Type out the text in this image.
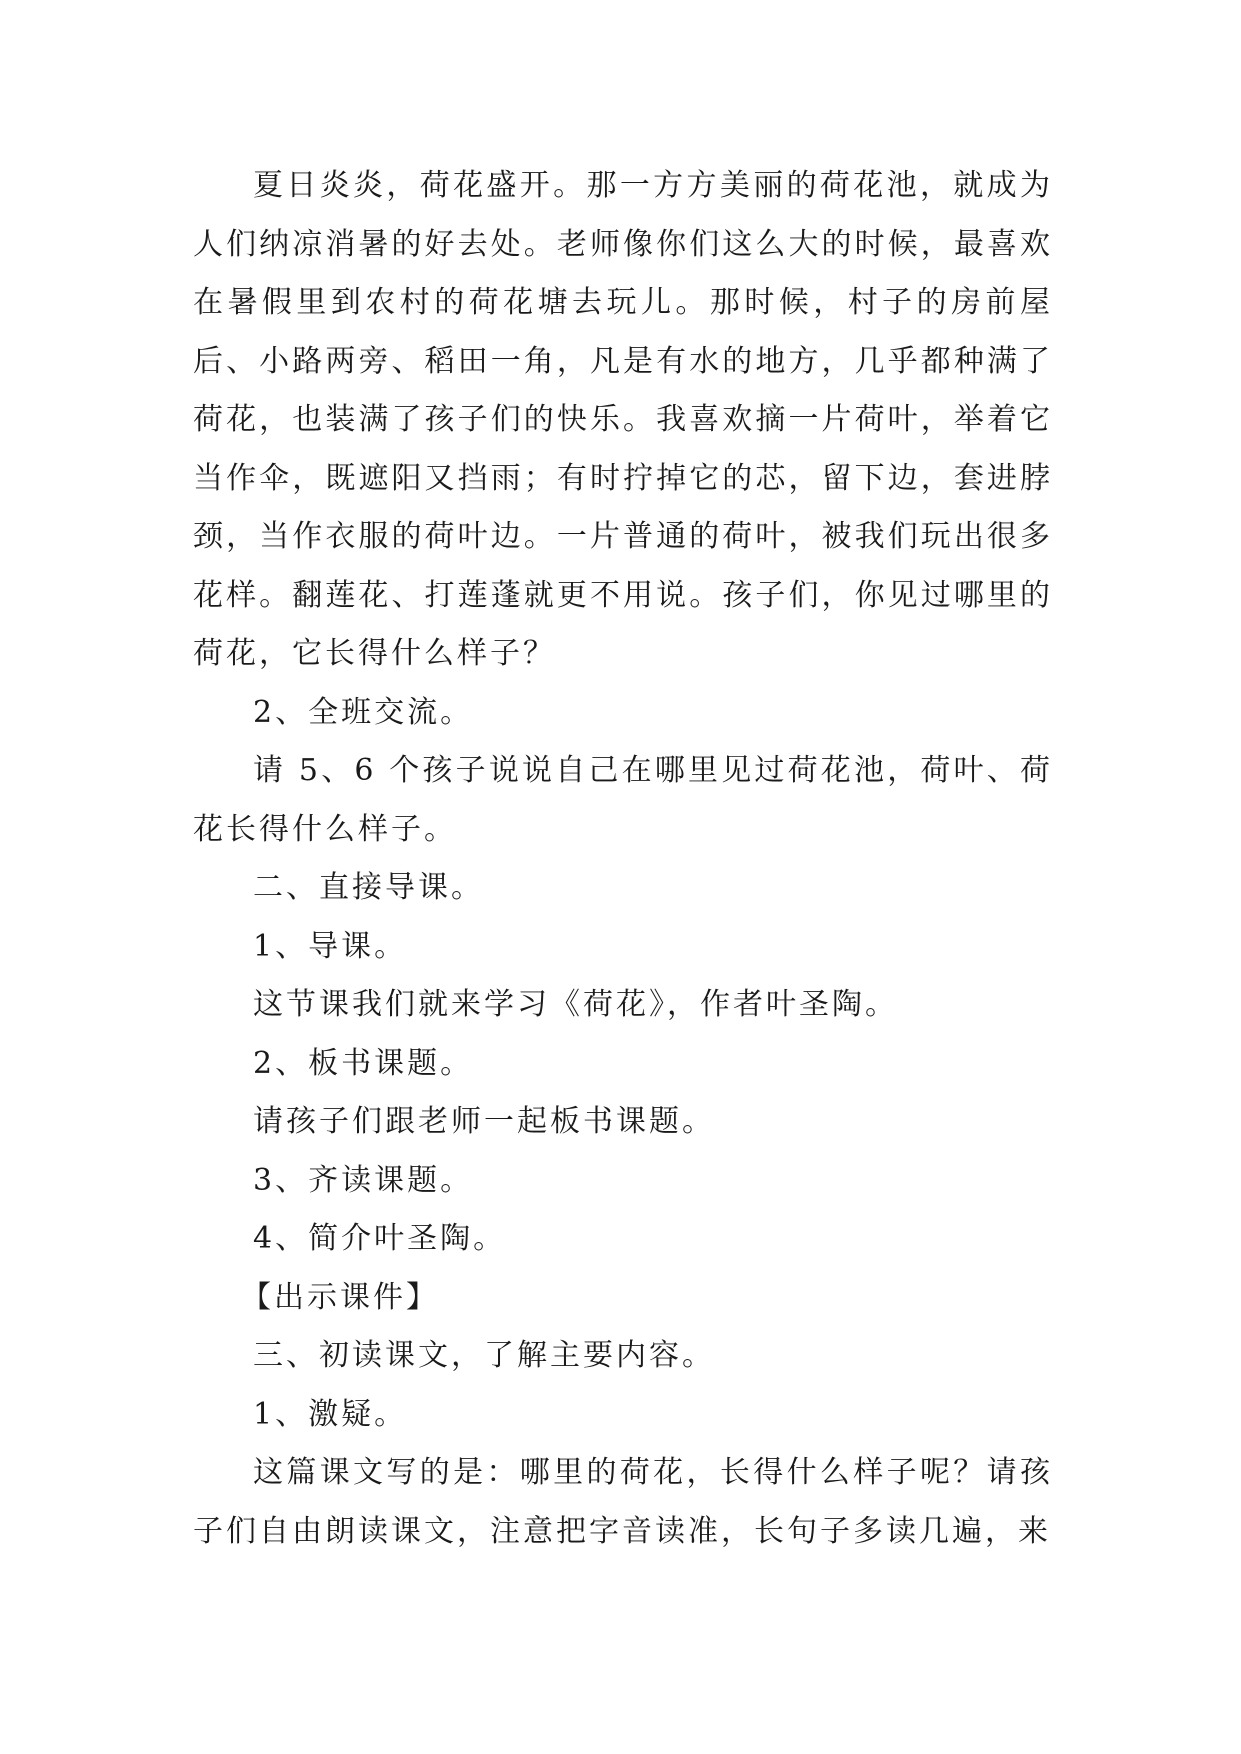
夏日炎炎，荷花盛开。那一方方美丽的荷花池，就成为人们纳凉消暑的好去处。老师像你们这么大的时候，最喜欢在暑假里到农村的荷花塘去玩儿。那时候，村子的房前屋后、小路两旁、稻田一角，凡是有水的地方，几乎都种满了荷花，也装满了孩子们的快乐。我喜欢摘一片荷叶，举着它当作伞，既遮阳又挡雨；有时拧掉它的芯，留下边，套进脖颈，当作衣服的荷叶边。一片普通的荷叶，被我们玩出很多花样。翻莲花、打莲蓬就更不用说。孩子们，你见过哪里的荷花，它长得什么样子？

2、全班交流。

请 5、6 个孩子说说自己在哪里见过荷花池，荷叶、荷花长得什么样子。

二、直接导课。

1、导课。

这节课我们就来学习《荷花》，作者叶圣陶。

2、板书课题。

请孩子们跟老师一起板书课题。

3、齐读课题。

4、简介叶圣陶。

【出示课件】

三、初读课文，了解主要内容。

1、激疑。

这篇课文写的是：哪里的荷花，长得什么样子呢？请孩子们自由朗读课文，注意把字音读准，长句子多读几遍，来
